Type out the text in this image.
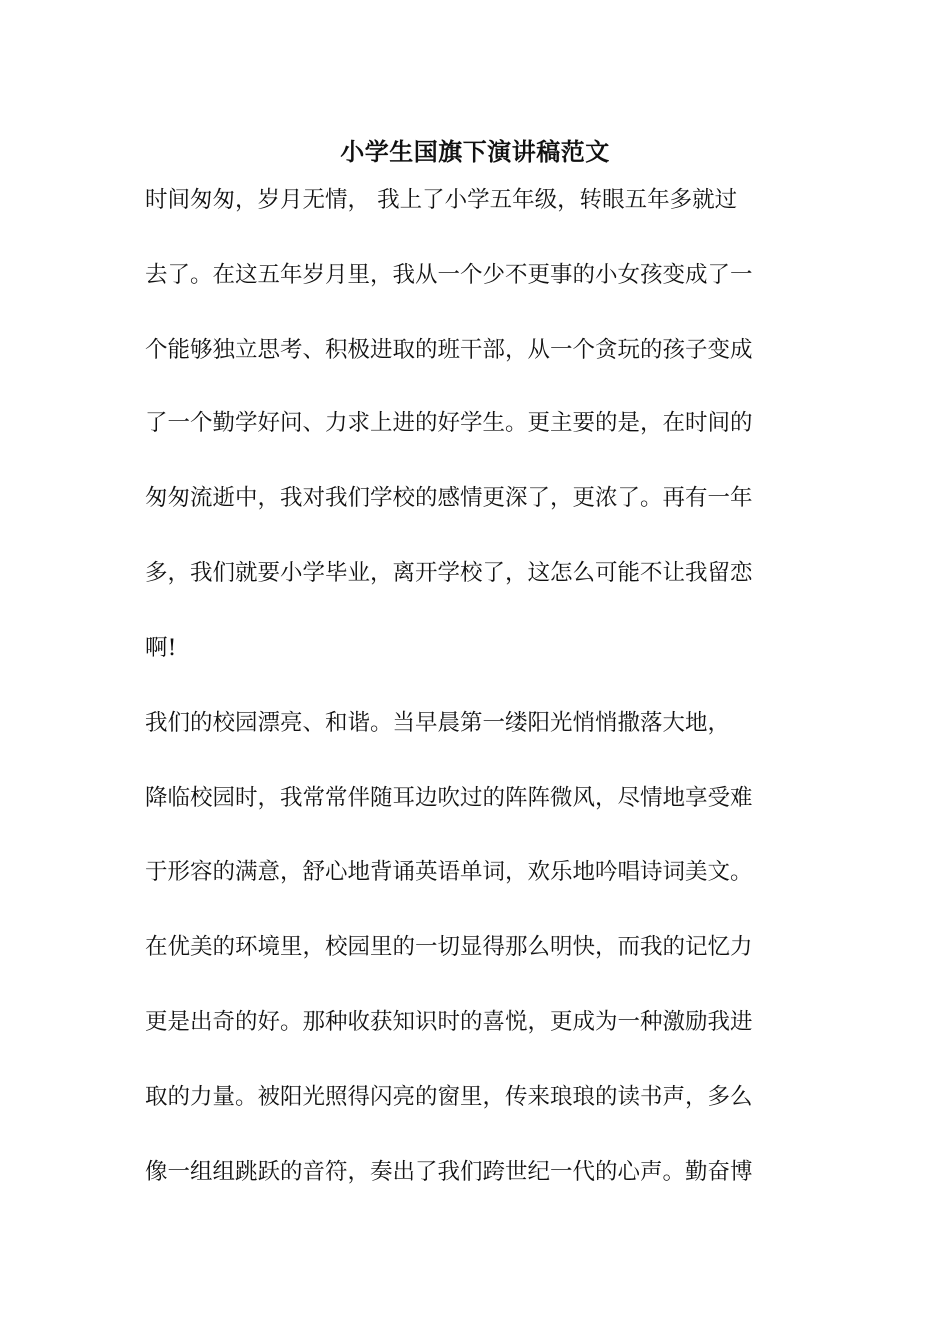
小学生国旗下演讲稿范文
时间匆匆，岁月无情， 我上了小学五年级，转眼五年多就过
去了。在这五年岁月里，我从一个少不更事的小女孩变成了一
个能够独立思考、积极进取的班干部，从一个贪玩的孩子变成
了一个勤学好问、力求上进的好学生。更主要的是，在时间的
匆匆流逝中，我对我们学校的感情更深了，更浓了。再有一年
多，我们就要小学毕业，离开学校了，这怎么可能不让我留恋
啊!
我们的校园漂亮、和谐。当早晨第一缕阳光悄悄撒落大地，
降临校园时，我常常伴随耳边吹过的阵阵微风，尽情地享受难
于形容的满意，舒心地背诵英语单词，欢乐地吟唱诗词美文。
在优美的环境里，校园里的一切显得那么明快，而我的记忆力
更是出奇的好。那种收获知识时的喜悦，更成为一种激励我进
取的力量。被阳光照得闪亮的窗里，传来琅琅的读书声，多么
像一组组跳跃的音符，奏出了我们跨世纪一代的心声。勤奋博
